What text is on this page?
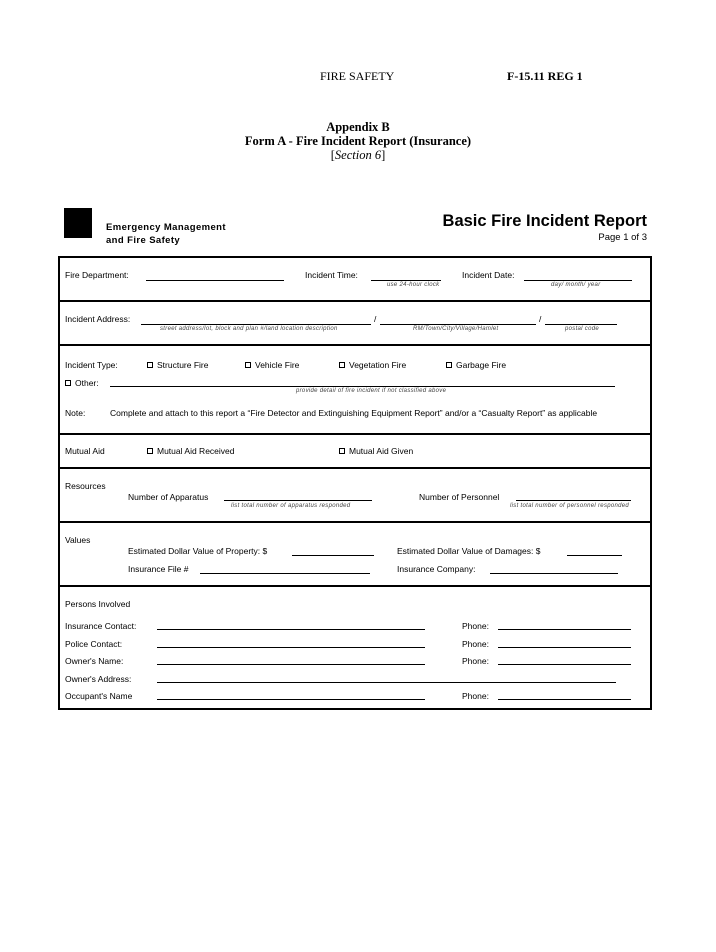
FIRE SAFETY	F-15.11 REG 1
Appendix B
Form A - Fire Incident Report (Insurance)
[Section 6]
Emergency Management
and Fire Safety
Basic Fire Incident Report
Page 1 of 3
Fire Department:	Incident Time:
use 24-hour clock
Incident Date:
day/ month/ year
Incident Address:	/	/
street address/lot, block and plan #/land location description	RM/Town/City/Village/Hamlet	postal code
Incident Type:	Structure Fire	Vehicle Fire	Vegetation Fire	Garbage Fire
Other:
provide detail of fire incident if not classified above
Note:	Complete and attach to this report a “Fire Detector and Extinguishing Equipment Report” and/or a “Casualty Report” as applicable
Mutual Aid	Mutual Aid Received	Mutual Aid Given
Resources
Number of Apparatus
list total number of apparatus responded
Number of Personnel
list total number of personnel responded
Values
Estimated Dollar Value of Property: $	Estimated Dollar Value of Damages: $
Insurance File #	Insurance Company:
Persons Involved
Insurance Contact:	Phone:
Police Contact:	Phone:
Owner's Name:	Phone:
Owner's Address:
Occupant's Name	Phone:
